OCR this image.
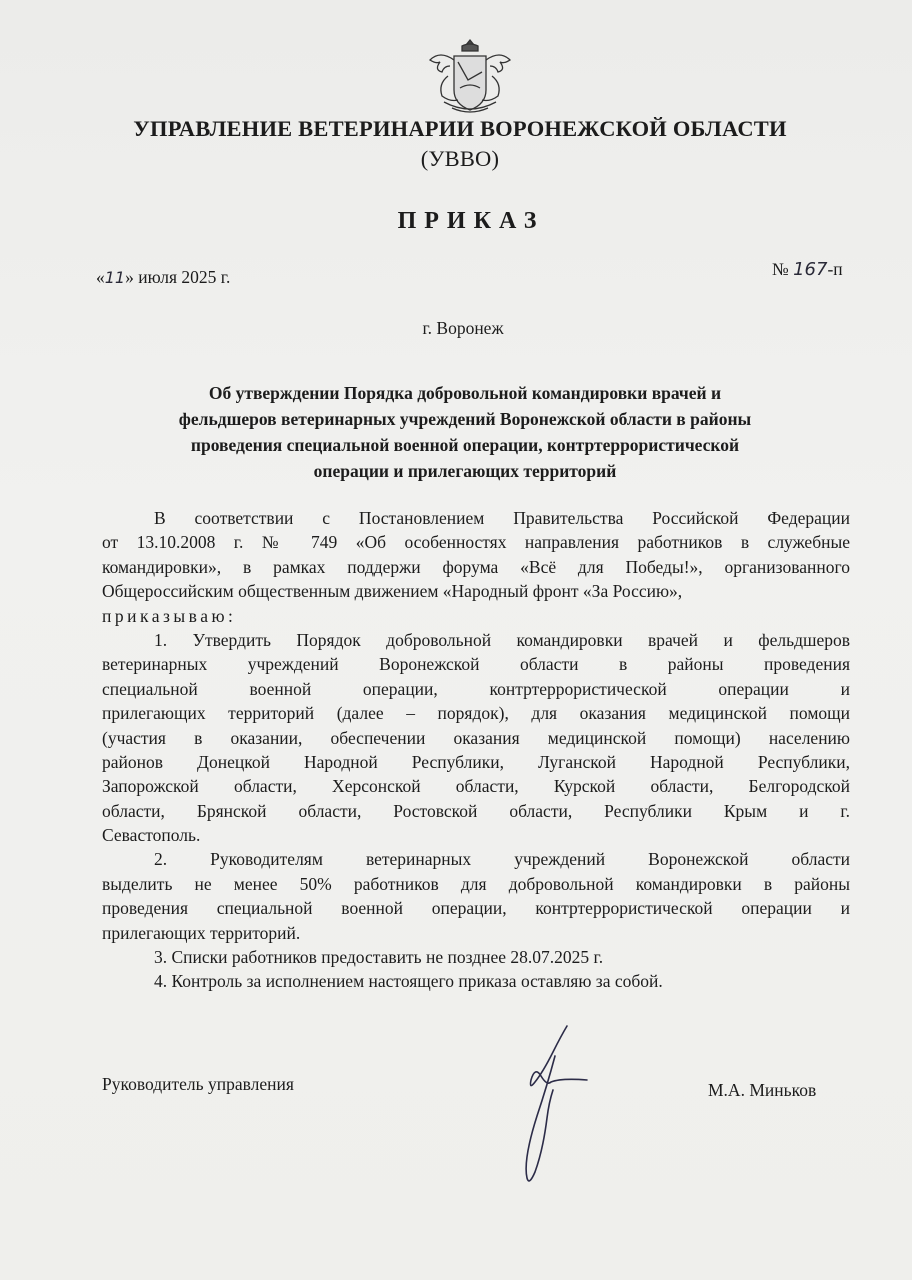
УПРАВЛЕНИЕ ВЕТЕРИНАРИИ ВОРОНЕЖСКОЙ ОБЛАСТИ
(УВВО)
ПРИКАЗ
«11» июля 2025 г.	№ 167-п
г. Воронеж
Об утверждении Порядка добровольной командировки врачей и
фельдшеров ветеринарных учреждений Воронежской области в районы
проведения специальной военной операции, контртеррористической
операции и прилегающих территорий
В соответствии с Постановлением Правительства Российской Федерации
от 13.10.2008 г. № 749 «Об особенностях направления работников в служебные
командировки», в рамках поддержи форума «Всё для Победы!», организованного
Общероссийским общественным движением «Народный фронт «За Россию»,
приказываю:
1. Утвердить Порядок добровольной командировки врачей и фельдшеров
ветеринарных учреждений Воронежской области в районы проведения
специальной военной операции, контртеррористической операции и
прилегающих территорий (далее – порядок), для оказания медицинской помощи
(участия в оказании, обеспечении оказания медицинской помощи) населению
районов Донецкой Народной Республики, Луганской Народной Республики,
Запорожской области, Херсонской области, Курской области, Белгородской
области, Брянской области, Ростовской области, Республики Крым и г.
Севастополь.
2. Руководителям ветеринарных учреждений Воронежской области
выделить не менее 50% работников для добровольной командировки в районы
проведения специальной военной операции, контртеррористической операции и
прилегающих территорий.
3. Списки работников предоставить не позднее 28.07.2025 г.
4. Контроль за исполнением настоящего приказа оставляю за собой.
Руководитель управления	М.А. Миньков
